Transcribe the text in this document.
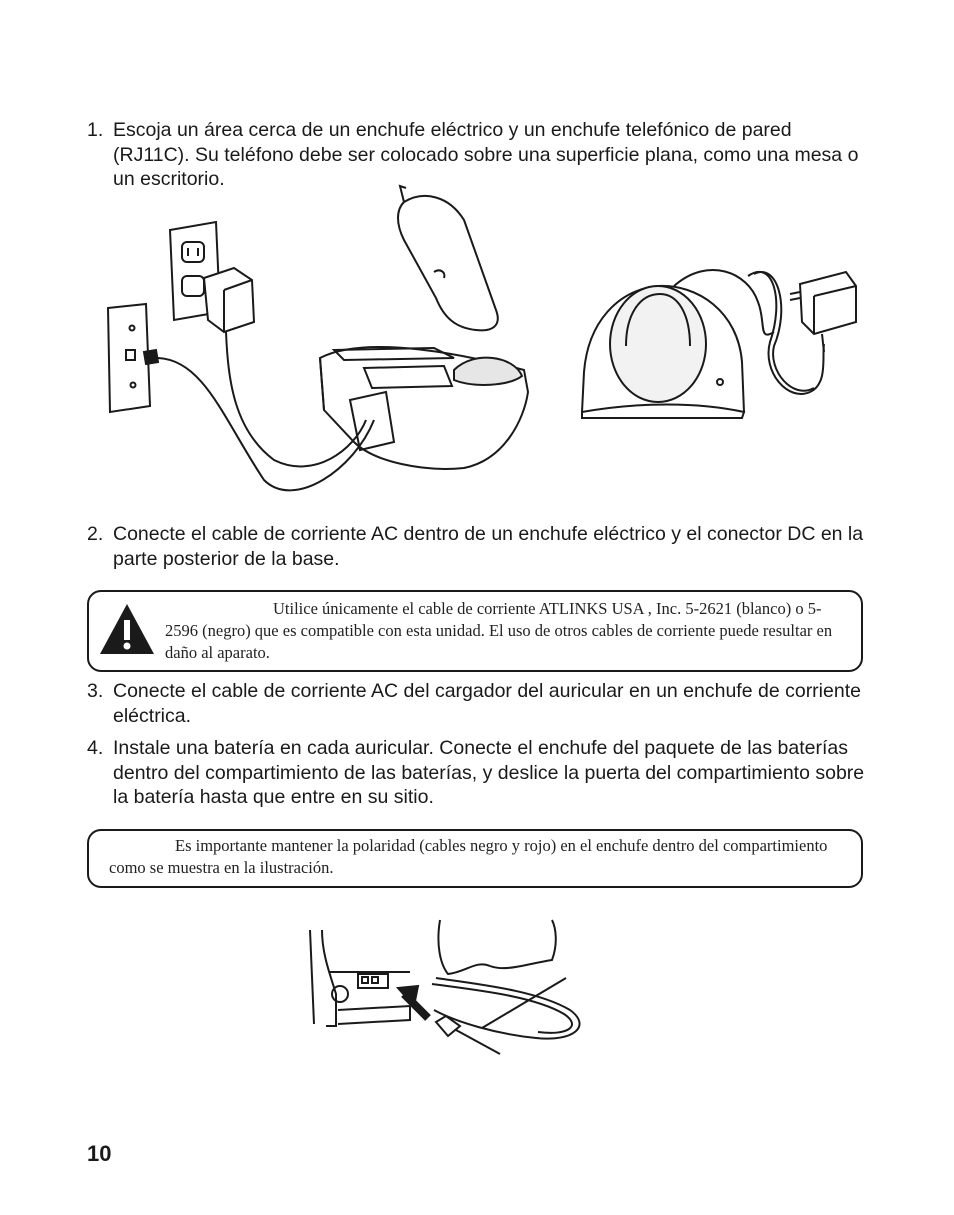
1. Escoja un área cerca de un enchufe eléctrico y un enchufe telefónico de pared (RJ11C). Su teléfono debe ser colocado sobre una superficie plana, como una mesa o un escritorio.
2. Conecte el cable de corriente AC dentro de un enchufe eléctrico y el conector DC en la parte posterior de la base.
Utilice únicamente el cable de corriente ATLINKS USA , Inc. 5-2621 (blanco) o 5-2596 (negro) que es compatible con esta unidad. El uso de otros cables de corriente puede resultar en daño al aparato.
3. Conecte el cable de corriente AC del cargador del auricular en un enchufe de corriente eléctrica.
4. Instale una batería en cada auricular. Conecte el enchufe del paquete de las baterías dentro del compartimiento de las baterías, y deslice la puerta del compartimiento sobre la batería hasta que entre en su sitio.
Es importante mantener la polaridad (cables negro y rojo) en el enchufe dentro del compartimiento como se muestra en la ilustración.
10
